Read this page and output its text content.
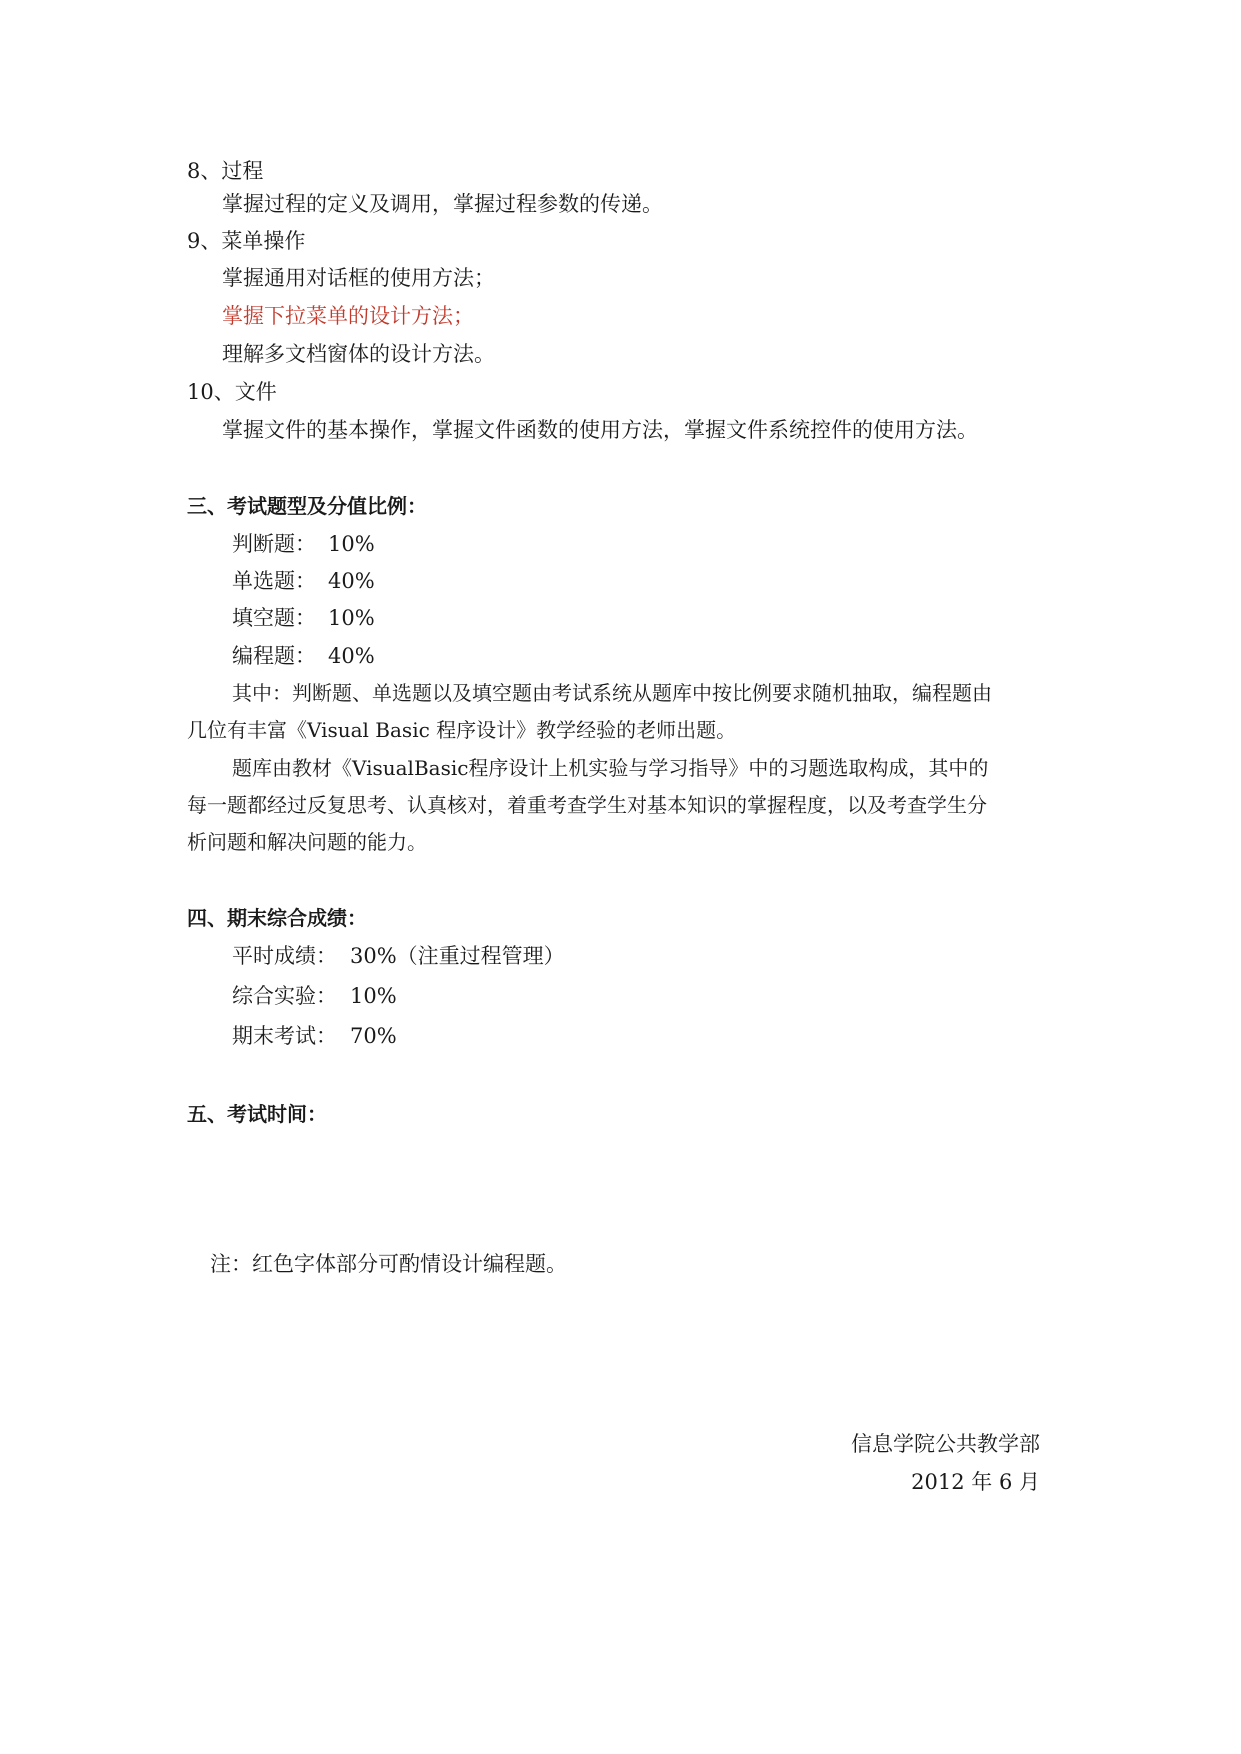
8、过程
掌握过程的定义及调用，掌握过程参数的传递。
9、菜单操作
掌握通用对话框的使用方法；
掌握下拉菜单的设计方法；
理解多文档窗体的设计方法。
10、文件
掌握文件的基本操作，掌握文件函数的使用方法，掌握文件系统控件的使用方法。
三、考试题型及分值比例：
判断题： 10%
单选题： 40%
填空题： 10%
编程题： 40%
其中：判断题、单选题以及填空题由考试系统从题库中按比例要求随机抽取，编程题由
几位有丰富《Visual Basic 程序设计》教学经验的老师出题。
题库由教材《VisualBasic程序设计上机实验与学习指导》中的习题选取构成，其中的
每一题都经过反复思考、认真核对，着重考查学生对基本知识的掌握程度，以及考查学生分
析问题和解决问题的能力。
四、期末综合成绩：
平时成绩： 30%（注重过程管理）
综合实验： 10%
期末考试： 70%
五、考试时间：
注：红色字体部分可酌情设计编程题。
信息学院公共教学部
2012 年 6 月
